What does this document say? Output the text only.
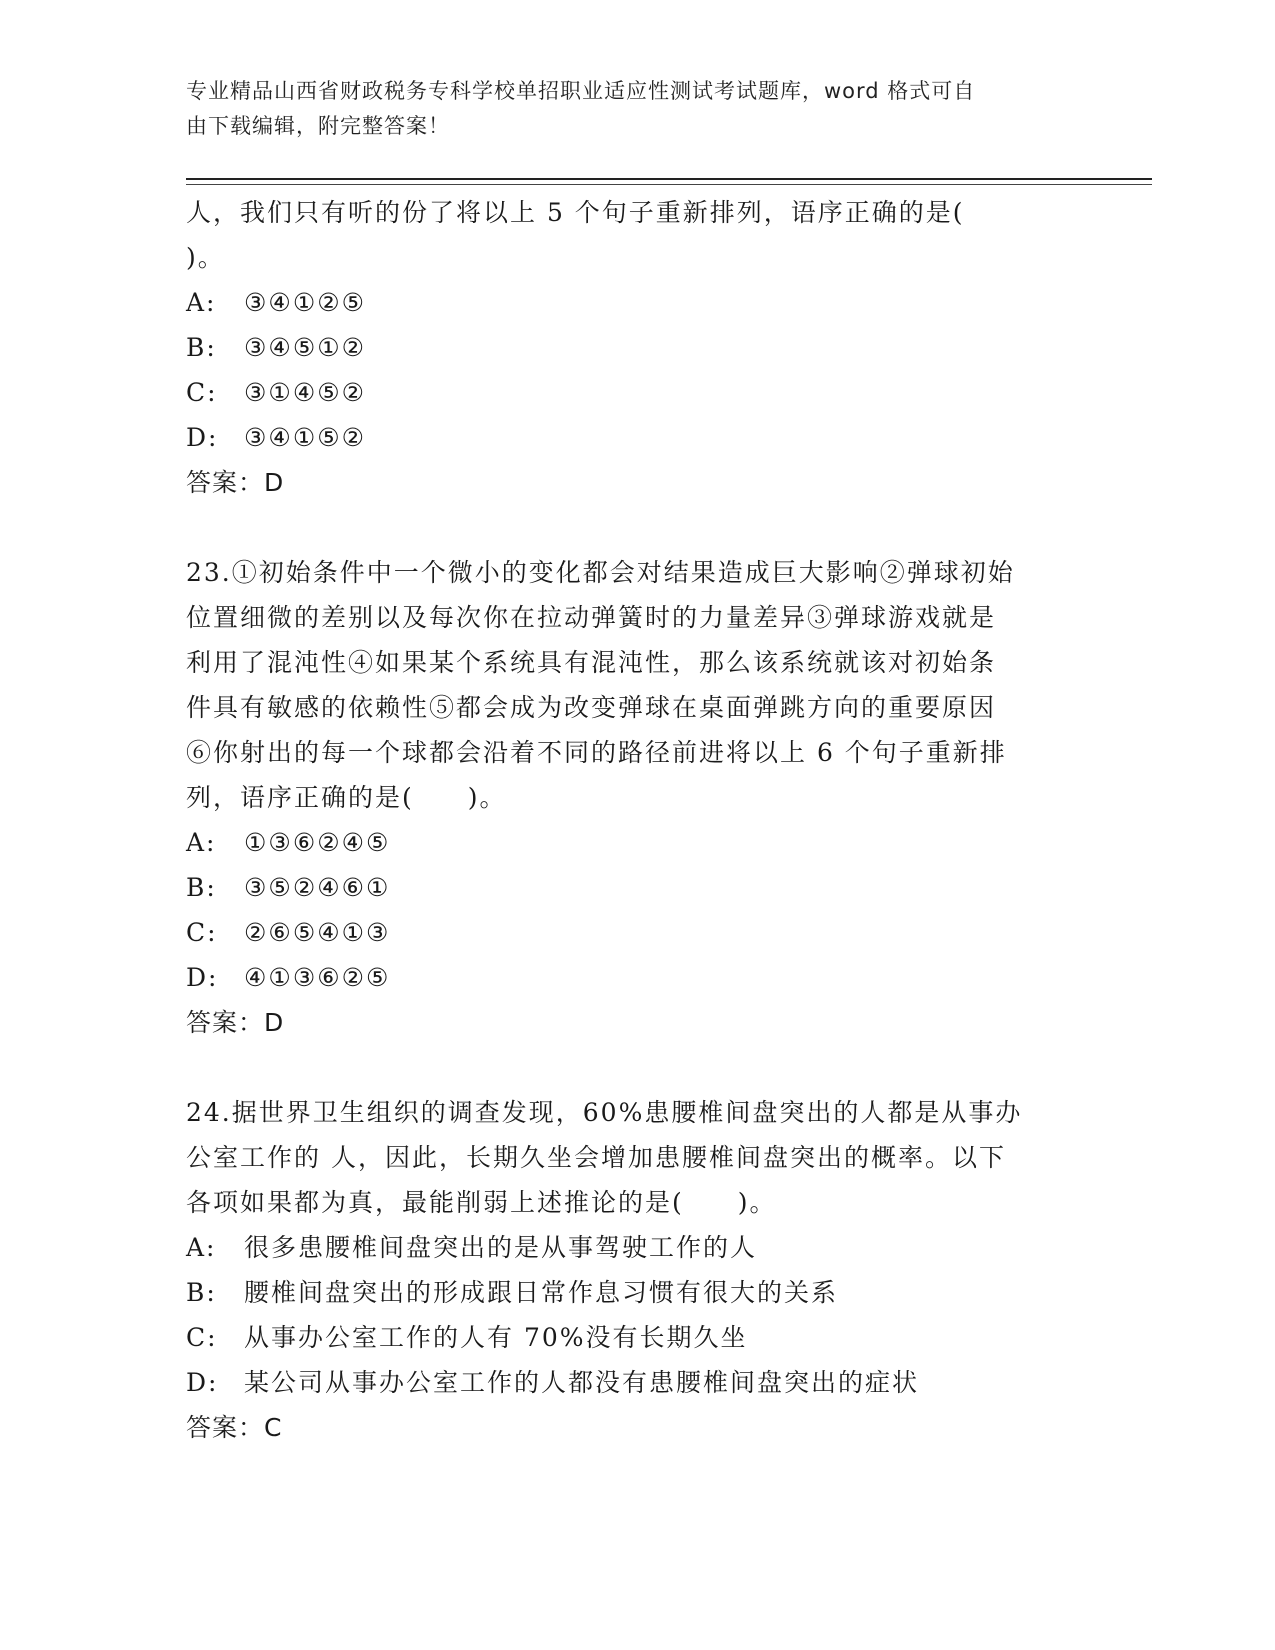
专业精品山西省财政税务专科学校单招职业适应性测试考试题库，word 格式可自
由下载编辑，附完整答案！
人，我们只有听的份了将以上 5 个句子重新排列，语序正确的是(
)。
A: ③④①②⑤
B: ③④⑤①②
C: ③①④⑤②
D: ③④①⑤②
答案：D
23.①初始条件中一个微小的变化都会对结果造成巨大影响②弹球初始
位置细微的差别以及每次你在拉动弹簧时的力量差异③弹球游戏就是
利用了混沌性④如果某个系统具有混沌性，那么该系统就该对初始条
件具有敏感的依赖性⑤都会成为改变弹球在桌面弹跳方向的重要原因
⑥你射出的每一个球都会沿着不同的路径前进将以上 6 个句子重新排
列，语序正确的是(　　)。
A: ①③⑥②④⑤
B: ③⑤②④⑥①
C: ②⑥⑤④①③
D: ④①③⑥②⑤
答案：D
24.据世界卫生组织的调查发现，60%患腰椎间盘突出的人都是从事办
公室工作的 人，因此，长期久坐会增加患腰椎间盘突出的概率。以下
各项如果都为真，最能削弱上述推论的是(　　)。
A: 很多患腰椎间盘突出的是从事驾驶工作的人
B: 腰椎间盘突出的形成跟日常作息习惯有很大的关系
C: 从事办公室工作的人有 70%没有长期久坐
D: 某公司从事办公室工作的人都没有患腰椎间盘突出的症状
答案：C
